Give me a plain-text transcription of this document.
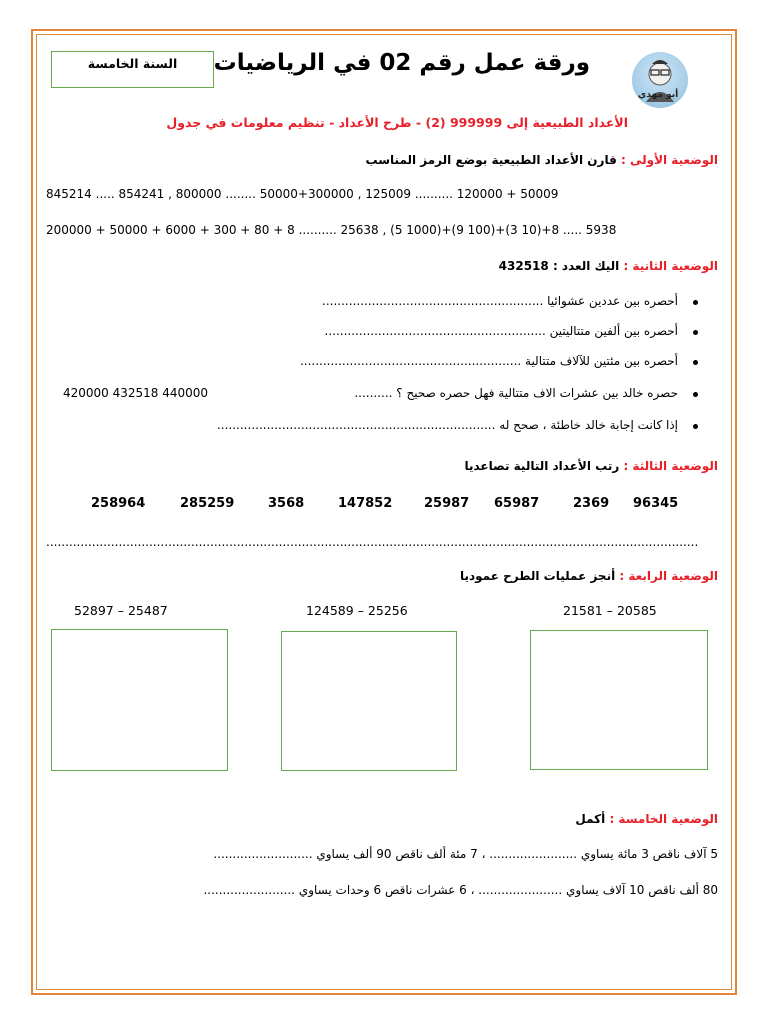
ورقة عمل رقم 02 في الرياضيات
السنة الخامسة
أبو مهدي
الأعداد الطبيعية إلى 999999 (2) - طرح الأعداد - تنظيم معلومات في جدول
الوضعية الأولى : قارن الأعداد الطبيعية بوضع الرمز المناسب
845214 ..... 854241 , 800000 ........ 50000+300000 , 125009 .......... 120000 + 50009
200000 + 50000 + 6000 + 300 + 80 + 8 .......... 25638 , (5 1000)+(9 100)+(3 10)+8 ..... 5938
الوضعية الثانية : اليك العدد : 432518
أحصره بين عددين عشوائيا ..........................................................
أحصره بين ألفين متتاليتين ..........................................................
أحصره بين مئتين للآلاف متتالية ..........................................................
حصره خالد بين عشرات الاف متتالية فهل حصره صحيح ؟ ..........
420000 432518 440000
إذا كانت إجابة خالد خاطئة ، صحح له .........................................................................
الوضعية الثالثة : رتب الأعداد التالية تصاعديا
96345
2369
65987
25987
147852
3568
285259
258964
...........................................................................................................................................................................
الوضعية الرابعة : أنجز عمليات الطرح عموديا
21581 – 20585
124589 – 25256
52897 – 25487
الوضعية الخامسة : أكمل
5 آلاف ناقص 3 مائة يساوي ....................... ، 7 مئة ألف ناقص 90 ألف يساوي ..........................
80 ألف ناقص 10 آلاف يساوي ...................... ، 6 عشرات ناقص 6 وحدات يساوي ........................
